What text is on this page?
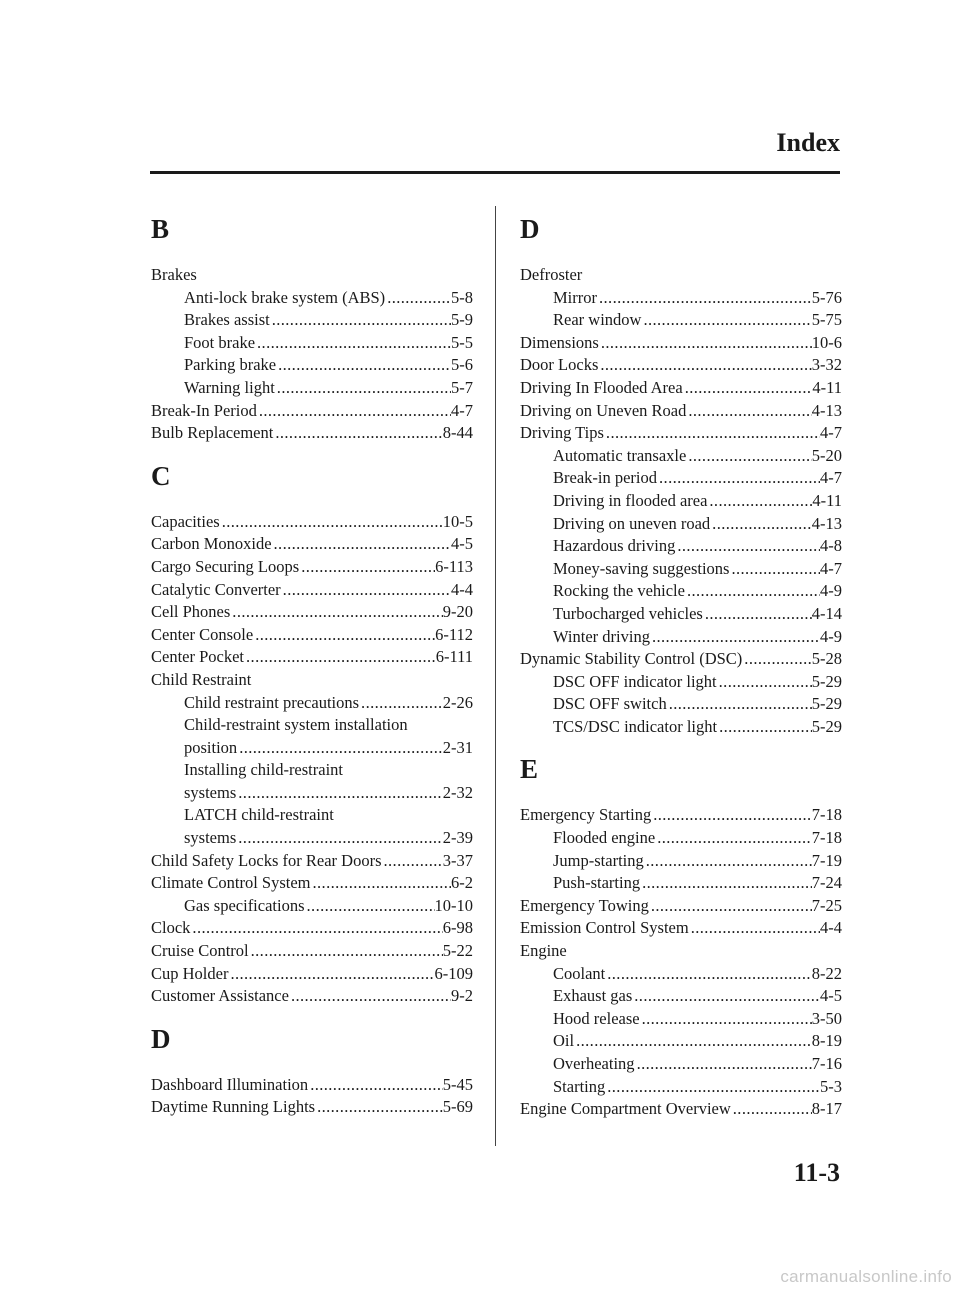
Index
B
Brakes
Anti-lock brake system (ABS) .....	5-8
Brakes assist .....	5-9
Foot brake .....	5-5
Parking brake .....	5-6
Warning light .....	5-7
Break-In Period .....	4-7
Bulb Replacement .....	8-44
C
Capacities .....	10-5
Carbon Monoxide .....	4-5
Cargo Securing Loops .....	6-113
Catalytic Converter .....	4-4
Cell Phones .....	9-20
Center Console .....	6-112
Center Pocket .....	6-111
Child Restraint
Child restraint precautions .....	2-26
Child-restraint system installation
position .....	2-31
Installing child-restraint
systems .....	2-32
LATCH child-restraint
systems .....	2-39
Child Safety Locks for Rear Doors .....	3-37
Climate Control System .....	6-2
Gas specifications .....	10-10
Clock .....	6-98
Cruise Control .....	5-22
Cup Holder .....	6-109
Customer Assistance .....	9-2
D
Dashboard Illumination .....	5-45
Daytime Running Lights .....	5-69
D
Defroster
Mirror .....	5-76
Rear window .....	5-75
Dimensions .....	10-6
Door Locks .....	3-32
Driving In Flooded Area .....	4-11
Driving on Uneven Road .....	4-13
Driving Tips .....	4-7
Automatic transaxle .....	5-20
Break-in period .....	4-7
Driving in flooded area .....	4-11
Driving on uneven road .....	4-13
Hazardous driving .....	4-8
Money-saving suggestions .....	4-7
Rocking the vehicle .....	4-9
Turbocharged vehicles .....	4-14
Winter driving .....	4-9
Dynamic Stability Control (DSC) .....	5-28
DSC OFF indicator light .....	5-29
DSC OFF switch .....	5-29
TCS/DSC indicator light .....	5-29
E
Emergency Starting .....	7-18
Flooded engine .....	7-18
Jump-starting .....	7-19
Push-starting .....	7-24
Emergency Towing .....	7-25
Emission Control System .....	4-4
Engine
Coolant .....	8-22
Exhaust gas .....	4-5
Hood release .....	3-50
Oil .....	8-19
Overheating .....	7-16
Starting .....	5-3
Engine Compartment Overview .....	8-17
11-3
carmanualsonline.info
